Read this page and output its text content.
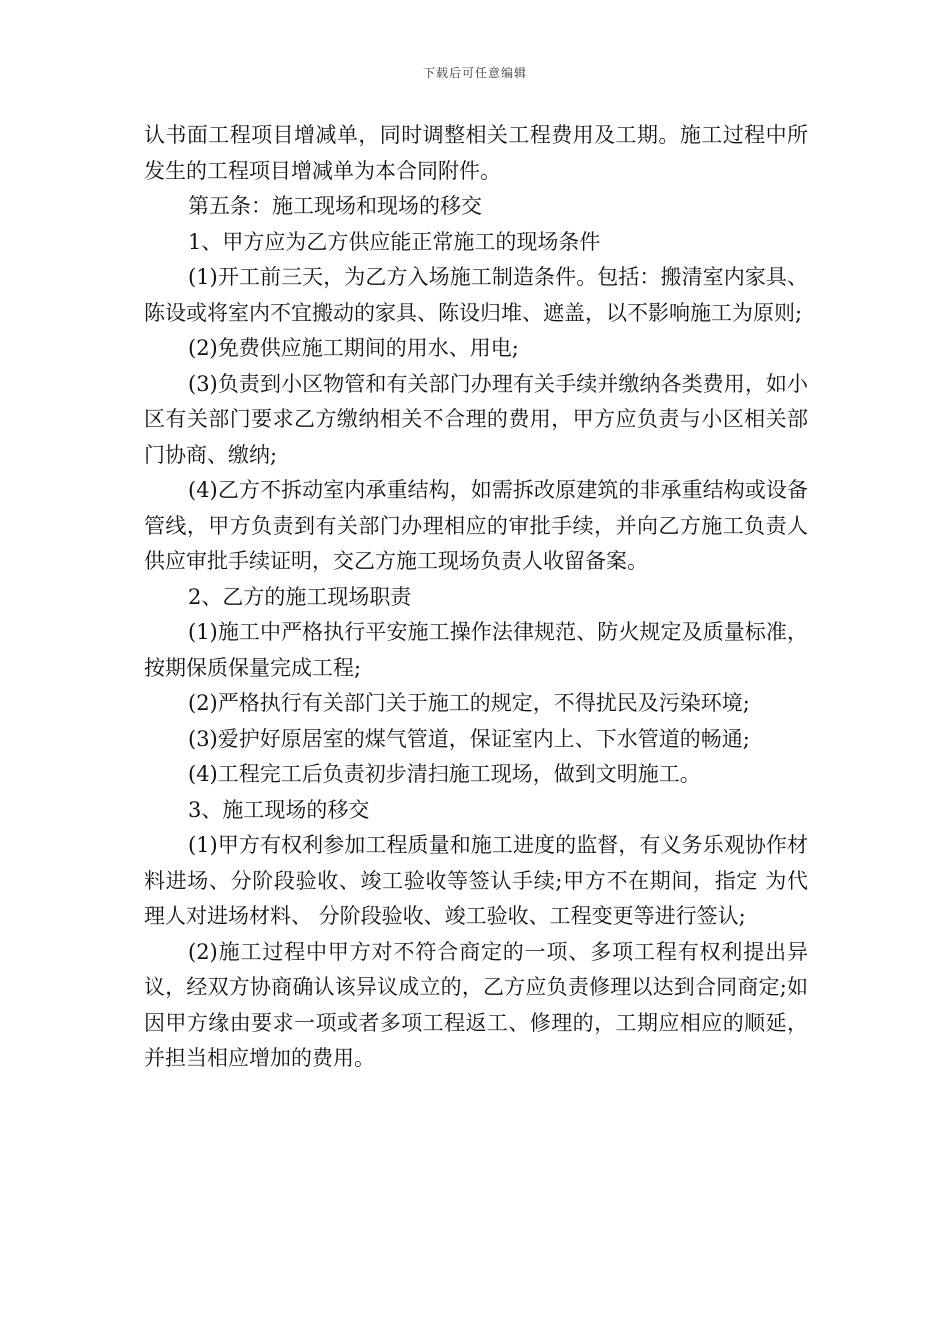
下载后可任意编辑

认书面工程项目增减单，同时调整相关工程费用及工期。施工过程中所发生的工程项目增减单为本合同附件。

第五条：施工现场和现场的移交

1、甲方应为乙方供应能正常施工的现场条件

(1)开工前三天，为乙方入场施工制造条件。包括：搬清室内家具、陈设或将室内不宜搬动的家具、陈设归堆、遮盖，以不影响施工为原则;

(2)免费供应施工期间的用水、用电;

(3)负责到小区物管和有关部门办理有关手续并缴纳各类费用，如小区有关部门要求乙方缴纳相关不合理的费用，甲方应负责与小区相关部门协商、缴纳;

(4)乙方不拆动室内承重结构，如需拆改原建筑的非承重结构或设备管线，甲方负责到有关部门办理相应的审批手续，并向乙方施工负责人供应审批手续证明，交乙方施工现场负责人收留备案。

2、乙方的施工现场职责

(1)施工中严格执行平安施工操作法律规范、防火规定及质量标准，按期保质保量完成工程;

(2)严格执行有关部门关于施工的规定，不得扰民及污染环境;

(3)爱护好原居室的煤气管道，保证室内上、下水管道的畅通;

(4)工程完工后负责初步清扫施工现场，做到文明施工。

3、施工现场的移交

(1)甲方有权利参加工程质量和施工进度的监督，有义务乐观协作材料进场、分阶段验收、竣工验收等签认手续;甲方不在期间，指定 为代理人对进场材料、 分阶段验收、竣工验收、工程变更等进行签认;

(2)施工过程中甲方对不符合商定的一项、多项工程有权利提出异议，经双方协商确认该异议成立的，乙方应负责修理以达到合同商定;如因甲方缘由要求一项或者多项工程返工、修理的，工期应相应的顺延，并担当相应增加的费用。
